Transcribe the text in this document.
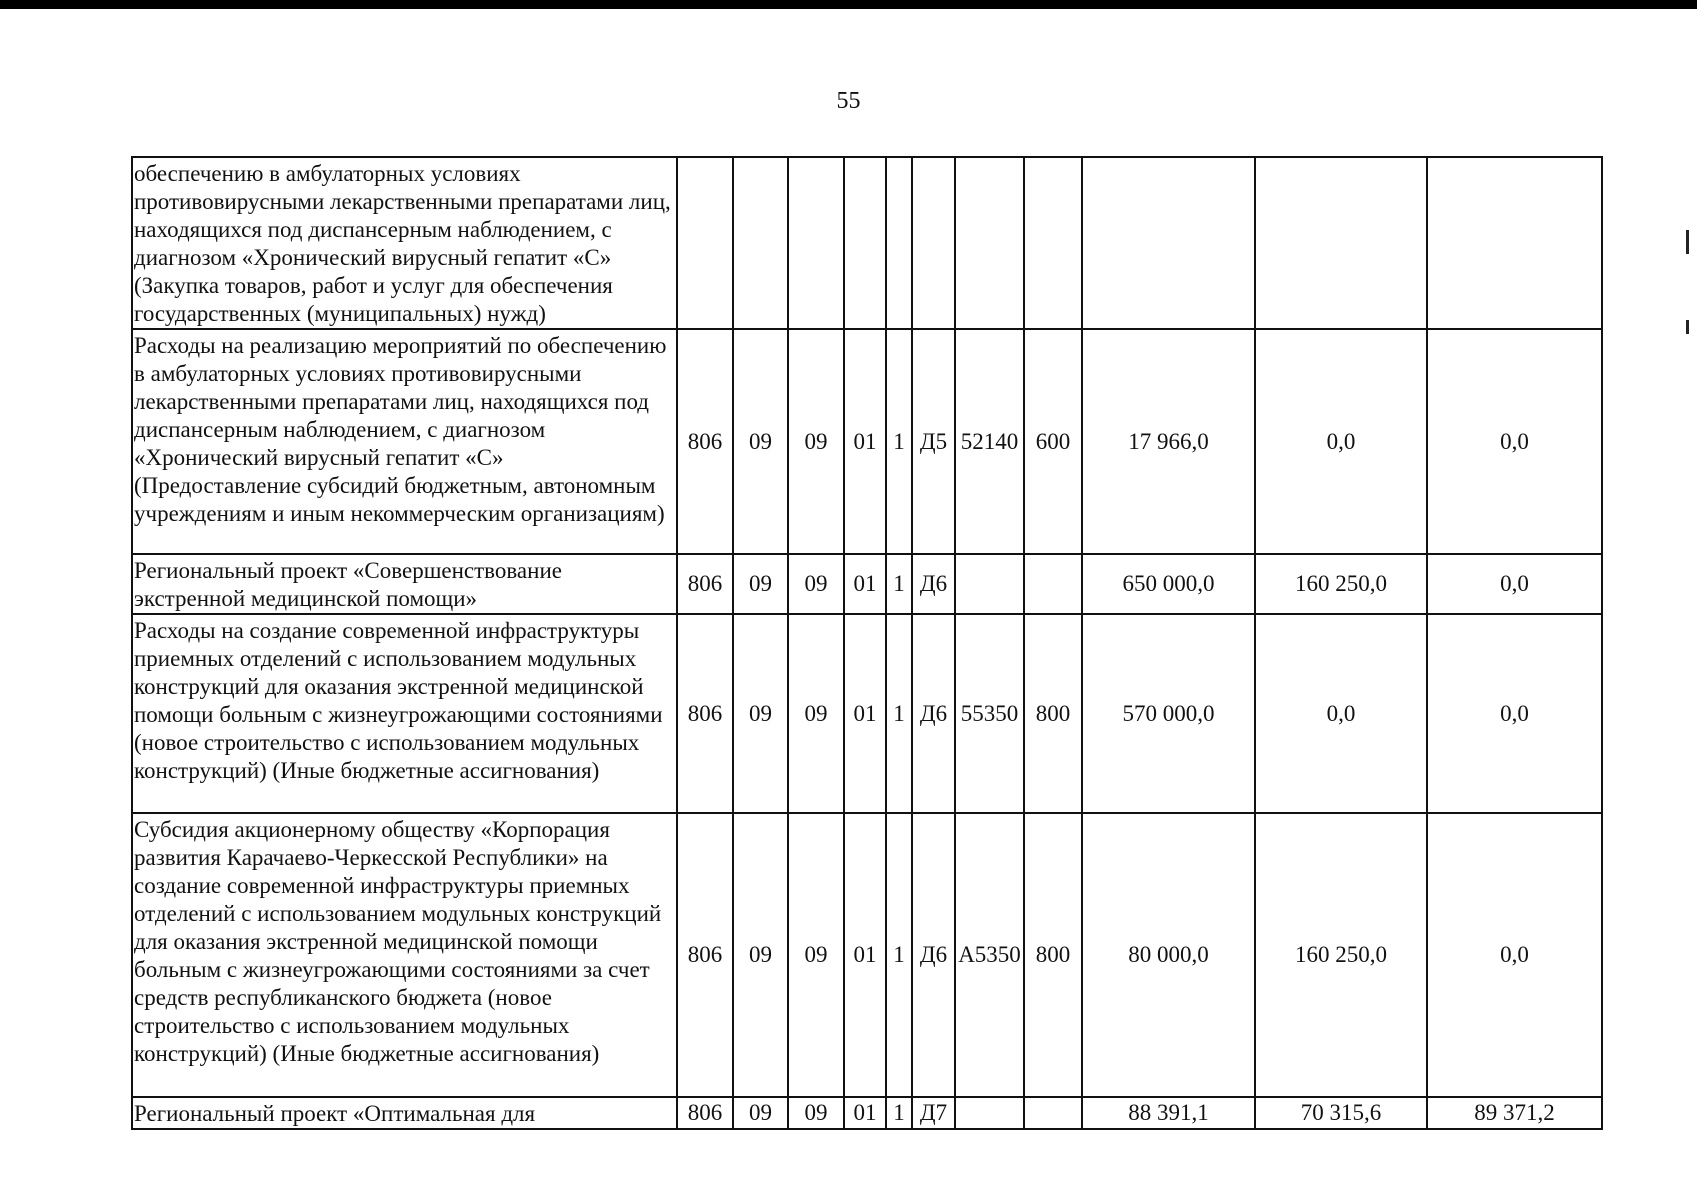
55
обеспечению в амбулаторных условиях противовирусными лекарственными препаратами лиц, находящихся под диспансерным наблюдением, с диагнозом «Хронический вирусный гепатит «С» (Закупка товаров, работ и услуг для обеспечения государственных (муниципальных) нужд)											
Расходы на реализацию мероприятий по обеспечению в амбулаторных условиях противовирусными лекарственными препаратами лиц, находящихся под диспансерным наблюдением, с диагнозом «Хронический вирусный гепатит «С» (Предоставление субсидий бюджетным, автономным учреждениям и иным некоммерческим организациям)	806	09	09	01	1	Д5	52140	600	17 966,0	0,0	0,0
Региональный проект «Совершенствование экстренной медицинской помощи»	806	09	09	01	1	Д6			650 000,0	160 250,0	0,0
Расходы на создание современной инфраструктуры приемных отделений с использованием модульных конструкций для оказания экстренной медицинской помощи больным с жизнеугрожающими состояниями (новое строительство с использованием модульных конструкций) (Иные бюджетные ассигнования)	806	09	09	01	1	Д6	55350	800	570 000,0	0,0	0,0
Субсидия акционерному обществу «Корпорация развития Карачаево-Черкесской Республики» на создание современной инфраструктуры приемных отделений с использованием модульных конструкций для оказания экстренной медицинской помощи больным с жизнеугрожающими состояниями за счет средств республиканского бюджета (новое строительство с использованием модульных конструкций) (Иные бюджетные ассигнования)	806	09	09	01	1	Д6	А5350	800	80 000,0	160 250,0	0,0
Региональный проект «Оптимальная для	806	09	09	01	1	Д7			88 391,1	70 315,6	89 371,2
